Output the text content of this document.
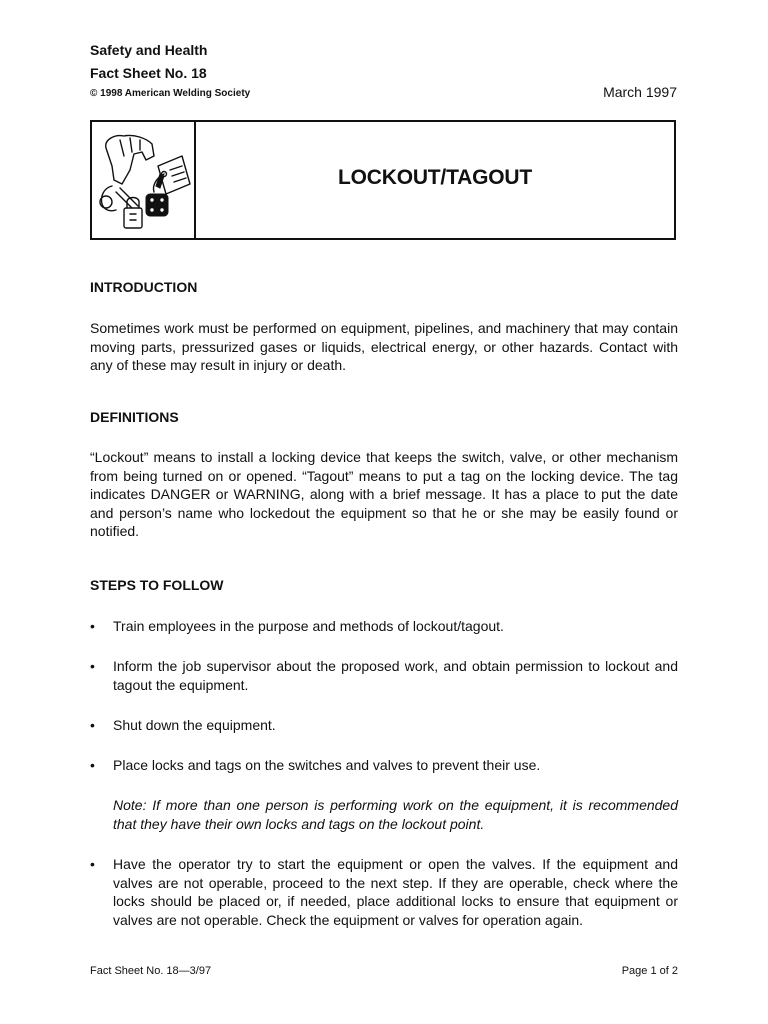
Safety and Health
Fact Sheet No. 18
© 1998 American Welding Society	March 1997
LOCKOUT/TAGOUT
INTRODUCTION
Sometimes work must be performed on equipment, pipelines, and machinery that may contain moving parts, pressurized gases or liquids, electrical energy, or other hazards. Contact with any of these may result in injury or death.
DEFINITIONS
“Lockout” means to install a locking device that keeps the switch, valve, or other mechanism from being turned on or opened. “Tagout” means to put a tag on the locking device. The tag indicates DANGER or WARNING, along with a brief message. It has a place to put the date and person’s name who lockedout the equipment so that he or she may be easily found or notified.
STEPS TO FOLLOW
• Train employees in the purpose and methods of lockout/tagout.
• Inform the job supervisor about the proposed work, and obtain permission to lockout and tagout the equipment.
• Shut down the equipment.
• Place locks and tags on the switches and valves to prevent their use.
Note: If more than one person is performing work on the equipment, it is recommended that they have their own locks and tags on the lockout point.
• Have the operator try to start the equipment or open the valves. If the equipment and valves are not operable, proceed to the next step. If they are operable, check where the locks should be placed or, if needed, place additional locks to ensure that equipment or valves are not operable. Check the equipment or valves for operation again.
Fact Sheet No. 18—3/97	Page 1 of 2
